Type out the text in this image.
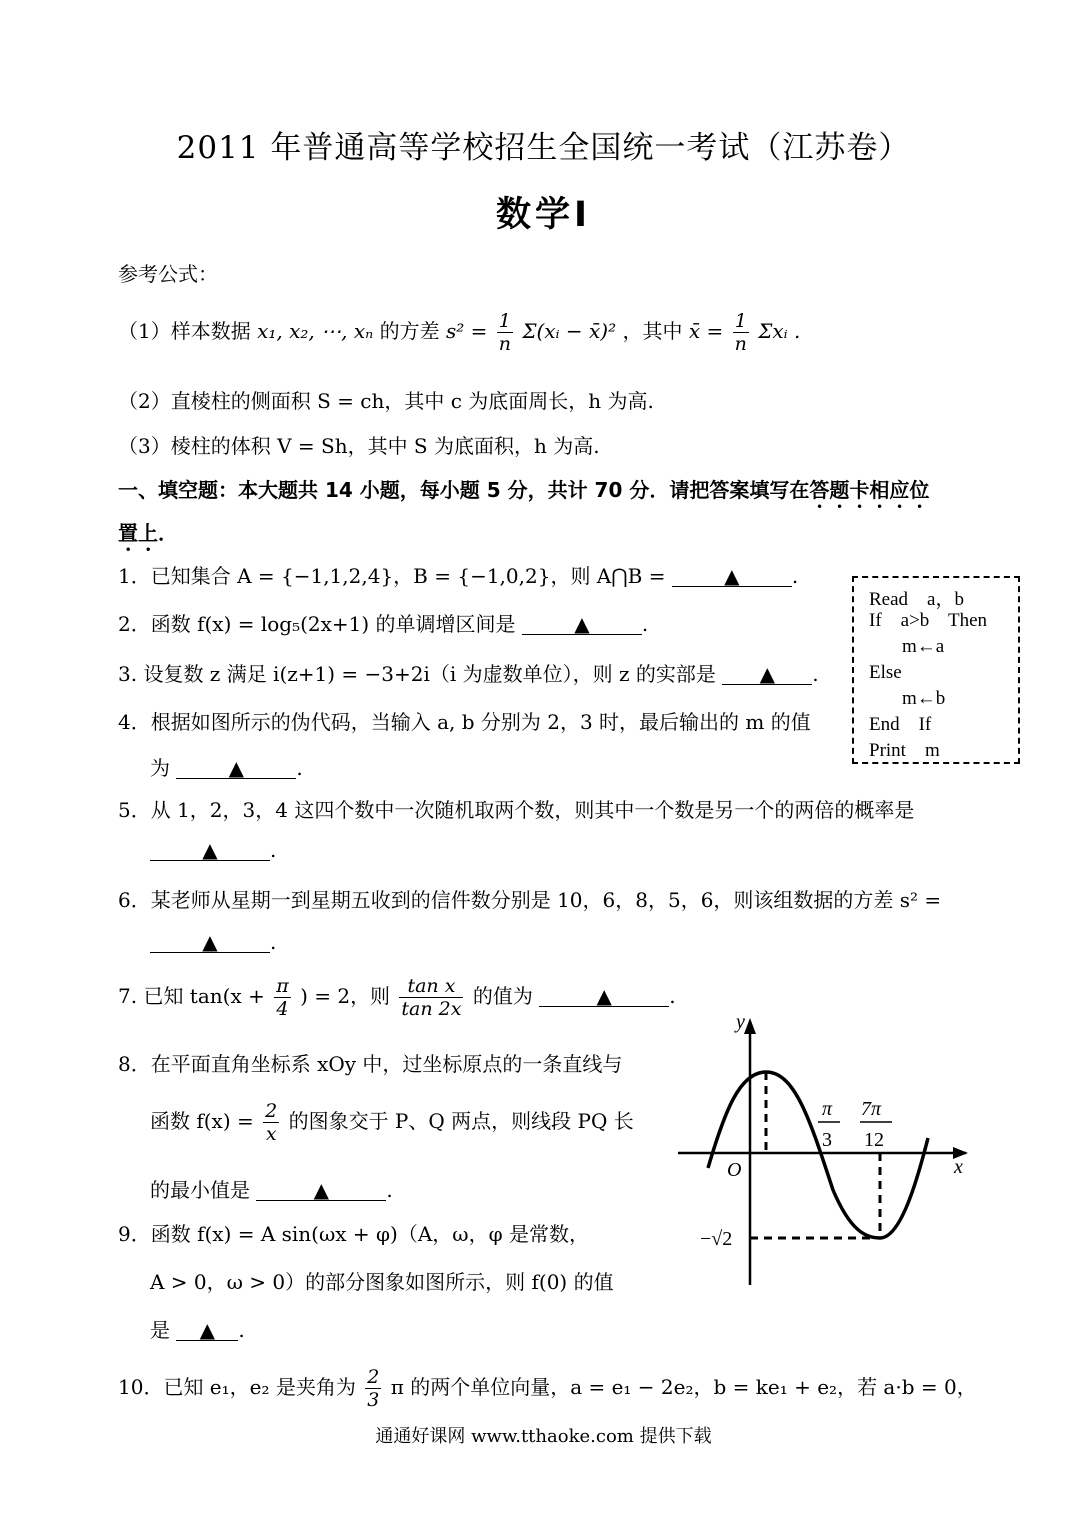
2011 年普通高等学校招生全国统一考试（江苏卷）
数学Ⅰ
参考公式：
（1）样本数据 x₁, x₂, ⋯, xₙ 的方差 $s^2 = \frac{1}{n}$ Σ(xᵢ − x̄)² ，其中 x̄ = $\frac{1}{n}$ Σxᵢ .
（2）直棱柱的侧面积 S = ch，其中 c 为底面周长，h 为高.
（3）棱柱的体积 V = Sh，其中 S 为底面积，h 为高.
一、填空题：本大题共 14 小题，每小题 5 分，共计 70 分．请把答案填写在答题卡相应位
置上．
1．已知集合 A = {−1,1,2,4}，B = {−1,0,2}，则 A⋂B =	▲	.
2．函数 f(x) = log₅(2x+1) 的单调增区间是	▲	.
3. 设复数 z 满足 i(z+1) = −3+2i（i 为虚数单位），则 z 的实部是 ▲ .
4．根据如图所示的伪代码，当输入 a, b 分别为 2，3 时，最后输出的 m 的值
为	▲	.
Read    a，b
If    a>b    Then
m←a
Else
m←b
End    If
Print    m
5．从 1，2，3，4 这四个数中一次随机取两个数，则其中一个数是另一个的两倍的概率是
▲	.
6．某老师从星期一到星期五收到的信件数分别是 10，6，8，5，6，则该组数据的方差 s² =
▲	.
7. 已知 $\tan(x + \frac{\pi}{4}$ ) = 2，则 $\frac{\text{tan x}}{\tan 2x}$ 的值为	▲	.
8．在平面直角坐标系 xOy 中，过坐标原点的一条直线与
函数 $f(x) = \frac{2}{x}$ 的图象交于 P、Q 两点，则线段 PQ 长
的最小值是	▲	.
9．函数 f(x) = A sin(ωx + φ)（A，ω，φ 是常数，
A > 0，ω > 0）的部分图象如图所示，则 f(0) 的值
是 ▲ .
10．已知 e₁，e₂ 是夹角为 $\frac{2}{3}$ π 的两个单位向量，a = e₁ − 2e₂，b = ke₁ + e₂，若 a·b = 0，
y
x
O
π
3
7π
12
−√2
通通好课网 www.tthaoke.com 提供下载
